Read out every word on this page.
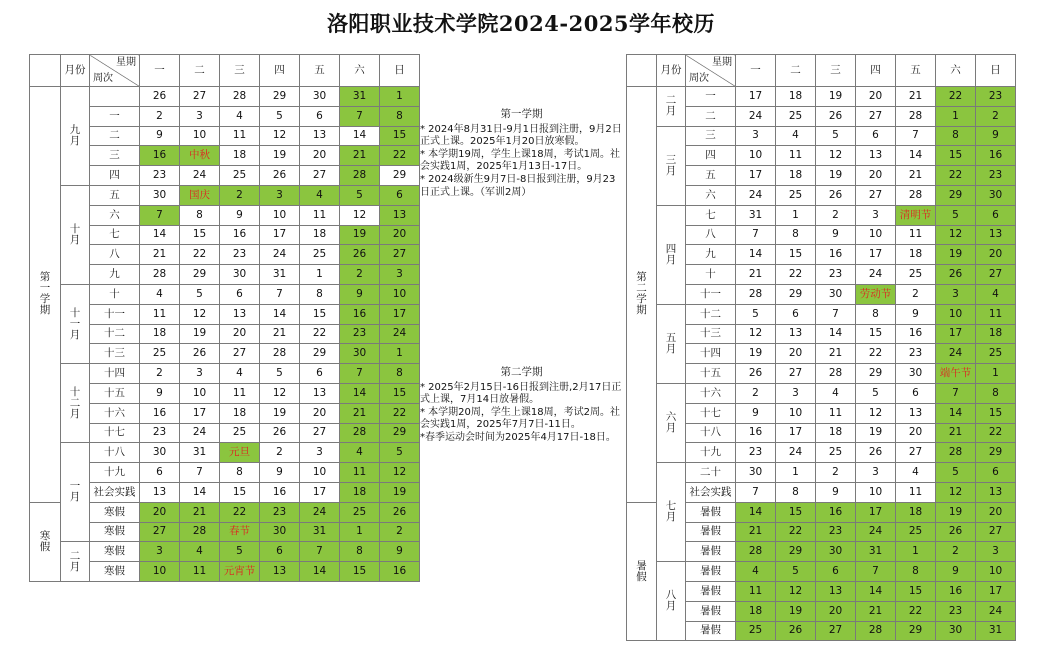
洛阳职业技术学院2024-2025学年校历
	月份	星期
周次	一	二	三	四	五	六	日
第
一
学
期	九
月		26	27	28	29	30	31	1
		一	2	3	4	5	6	7	8
		二	9	10	11	12	13	14	15
		三	16	中秋	18	19	20	21	22
		四	23	24	25	26	27	28	29
	十
月	五	30	国庆	2	3	4	5	6
		六	7	8	9	10	11	12	13
		七	14	15	16	17	18	19	20
		八	21	22	23	24	25	26	27
		九	28	29	30	31	1	2	3
	十
一
月	十	4	5	6	7	8	9	10
		十一	11	12	13	14	15	16	17
		十二	18	19	20	21	22	23	24
		十三	25	26	27	28	29	30	1
	十
二
月	十四	2	3	4	5	6	7	8
		十五	9	10	11	12	13	14	15
		十六	16	17	18	19	20	21	22
		十七	23	24	25	26	27	28	29
	一
月	十八	30	31	元旦	2	3	4	5
		十九	6	7	8	9	10	11	12
		社会实践	13	14	15	16	17	18	19
寒
假		寒假	20	21	22	23	24	25	26
		寒假	27	28	春节	30	31	1	2
	二
月	寒假	3	4	5	6	7	8	9
		寒假	10	11	元宵节	13	14	15	16
	月份	星期
周次	一	二	三	四	五	六	日
第
二
学
期	二
月	一	17	18	19	20	21	22	23
		二	24	25	26	27	28	1	2
	三
月	三	3	4	5	6	7	8	9
		四	10	11	12	13	14	15	16
		五	17	18	19	20	21	22	23
		六	24	25	26	27	28	29	30
	四
月	七	31	1	2	3	清明节	5	6
		八	7	8	9	10	11	12	13
		九	14	15	16	17	18	19	20
		十	21	22	23	24	25	26	27
		十一	28	29	30	劳动节	2	3	4
	五
月	十二	5	6	7	8	9	10	11
		十三	12	13	14	15	16	17	18
		十四	19	20	21	22	23	24	25
		十五	26	27	28	29	30	端午节	1
	六
月	十六	2	3	4	5	6	7	8
		十七	9	10	11	12	13	14	15
		十八	16	17	18	19	20	21	22
		十九	23	24	25	26	27	28	29
	七
月	二十	30	1	2	3	4	5	6
		社会实践	7	8	9	10	11	12	13
暑
假		暑假	14	15	16	17	18	19	20
		暑假	21	22	23	24	25	26	27
		暑假	28	29	30	31	1	2	3
	八
月	暑假	4	5	6	7	8	9	10
		暑假	11	12	13	14	15	16	17
		暑假	18	19	20	21	22	23	24
		暑假	25	26	27	28	29	30	31
第一学期

* 2024年8月31日-9月1日报到注册，9月2日正式上课。2025年1月20日放寒假。

* 本学期19周，学生上课18周，考试1周。社会实践1周，2025年1月13日-17日。

* 2024级新生9月7日-8日报到注册，9月23日正式上课。（军训2周）

第二学期

* 2025年2月15日-16日报到注册,2月17日正式上课，7月14日放暑假。

* 本学期20周，学生上课18周，考试2周。社会实践1周，2025年7月7日-11日。

*春季运动会时间为2025年4月17日-18日。
